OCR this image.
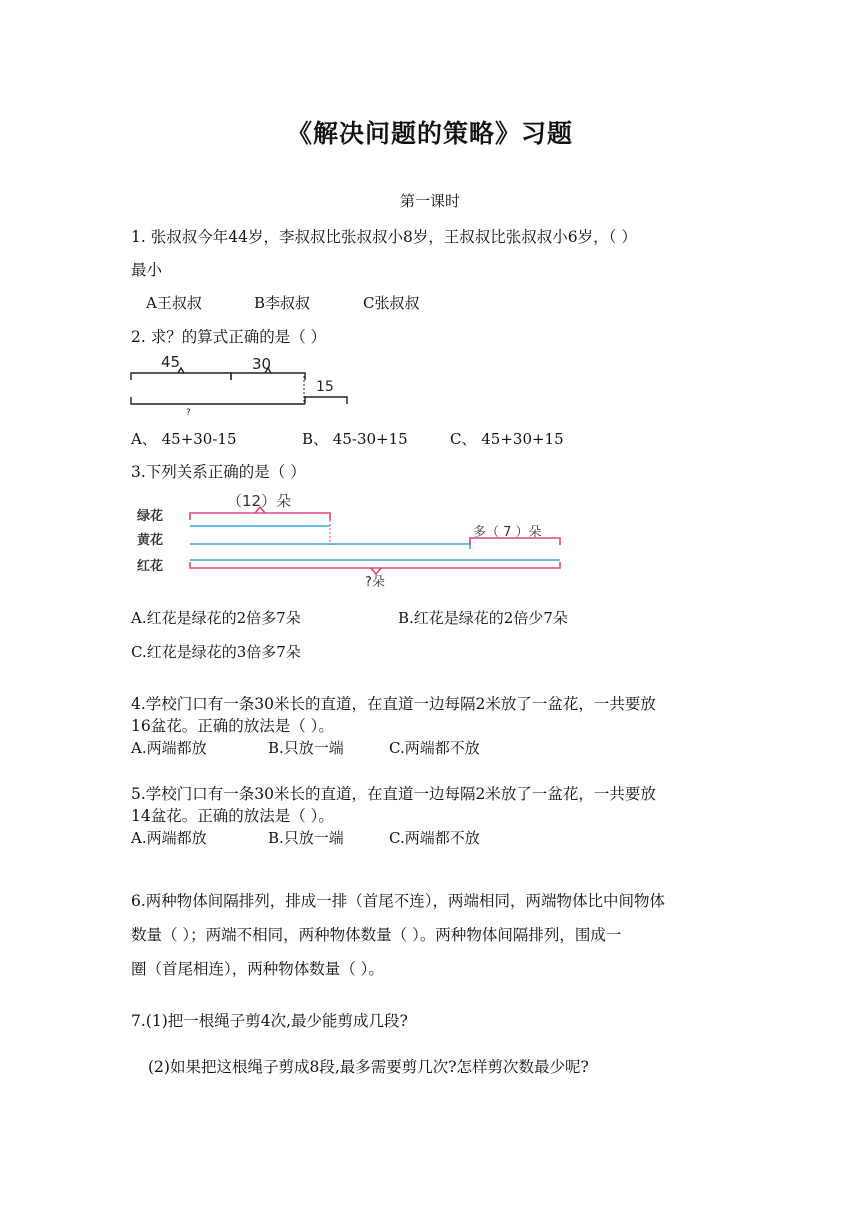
《解决问题的策略》习题
第一课时
1. 张叔叔今年44岁，李叔叔比张叔叔小8岁，王叔叔比张叔叔小6岁，（ ）
最小
A王叔叔	B李叔叔	C张叔叔
2. 求？的算式正确的是（ ）
45	30
15
?
A、 45+30-15	B、 45-30+15	C、 45+30+15
3.下列关系正确的是（ ）
绿花
黄花
红花
（12）朵
多（ 7 ）朵
?朵
A.红花是绿花的2倍多7朵	B.红花是绿花的2倍少7朵
C.红花是绿花的3倍多7朵
4.学校门口有一条30米长的直道，在直道一边每隔2米放了一盆花，一共要放
16盆花。正确的放法是（ ）。
A.两端都放	B.只放一端	C.两端都不放
5.学校门口有一条30米长的直道，在直道一边每隔2米放了一盆花，一共要放
14盆花。正确的放法是（ ）。
A.两端都放	B.只放一端	C.两端都不放
6.两种物体间隔排列，排成一排（首尾不连），两端相同，两端物体比中间物体
数量（ ）；两端不相同，两种物体数量（ ）。两种物体间隔排列，围成一
圈（首尾相连），两种物体数量（ ）。
7.(1)把一根绳子剪4次,最少能剪成几段?
(2)如果把这根绳子剪成8段,最多需要剪几次?怎样剪次数最少呢?
